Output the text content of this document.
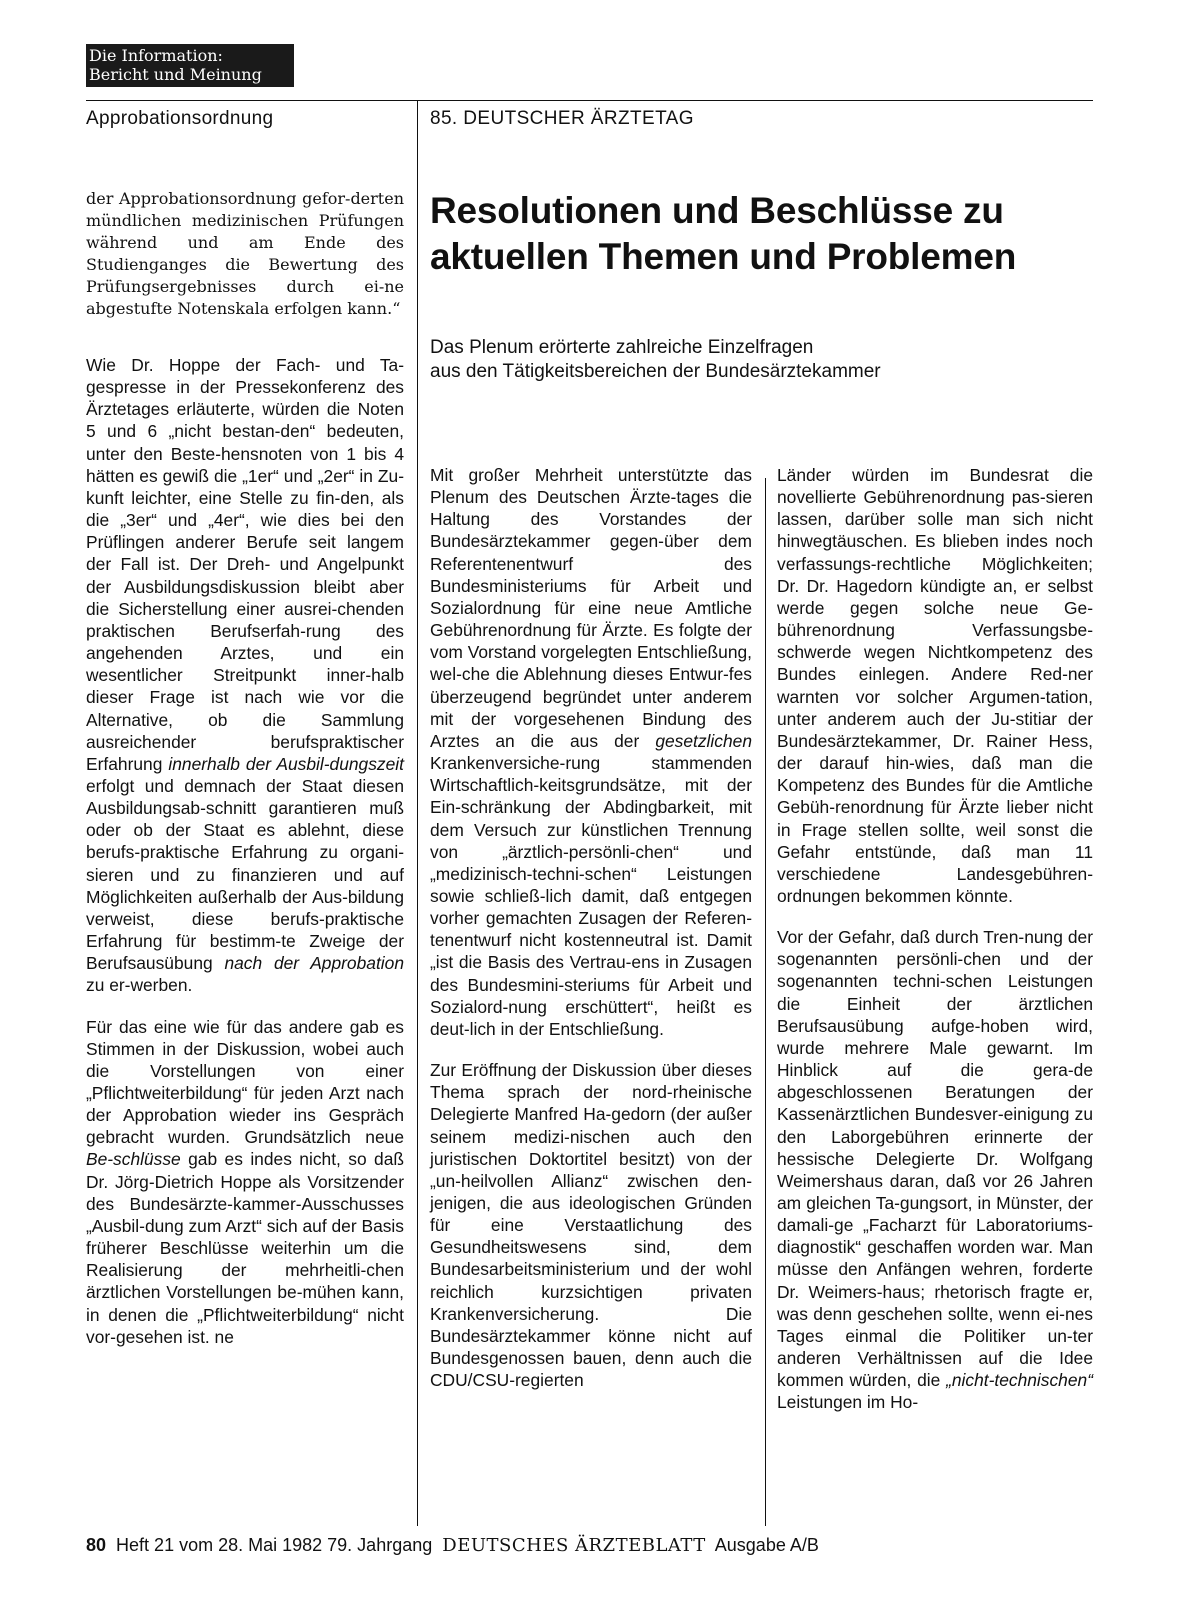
Die Information:
Bericht und Meinung
Approbationsordnung	85. DEUTSCHER ÄRZTETAG
Resolutionen und Beschlüsse zu
aktuellen Themen und Problemen
Das Plenum erörterte zahlreiche Einzelfragen
aus den Tätigkeitsbereichen der Bundesärztekammer

der Approbationsordnung gefor-derten mündlichen medizinischen Prüfungen während und am Ende des Studienganges die Bewertung des Prüfungsergebnisses durch ei-ne abgestufte Notenskala erfolgen kann.“

Wie Dr. Hoppe der Fach- und Ta-gespresse in der Pressekonferenz des Ärztetages erläuterte, würden die Noten 5 und 6 „nicht bestan-den“ bedeuten, unter den Beste-hensnoten von 1 bis 4 hätten es gewiß die „1er“ und „2er“ in Zu-kunft leichter, eine Stelle zu fin-den, als die „3er“ und „4er“, wie dies bei den Prüflingen anderer Berufe seit langem der Fall ist. Der Dreh- und Angelpunkt der Ausbildungsdiskussion bleibt aber die Sicherstellung einer ausrei-chenden praktischen Berufserfah-rung des angehenden Arztes, und ein wesentlicher Streitpunkt inner-halb dieser Frage ist nach wie vor die Alternative, ob die Sammlung ausreichender berufspraktischer Erfahrung innerhalb der Ausbil-dungszeit erfolgt und demnach der Staat diesen Ausbildungsab-schnitt garantieren muß oder ob der Staat es ablehnt, diese berufs-praktische Erfahrung zu organi-sieren und zu finanzieren und auf Möglichkeiten außerhalb der Aus-bildung verweist, diese berufs-praktische Erfahrung für bestimm-te Zweige der Berufsausübung nach der Approbation zu er-werben.

Für das eine wie für das andere gab es Stimmen in der Diskussion, wobei auch die Vorstellungen von einer „Pflichtweiterbildung“ für jeden Arzt nach der Approbation wieder ins Gespräch gebracht wurden. Grundsätzlich neue Be-schlüsse gab es indes nicht, so daß Dr. Jörg-Dietrich Hoppe als Vorsitzender des Bundesärzte-kammer-Ausschusses „Ausbil-dung zum Arzt“ sich auf der Basis früherer Beschlüsse weiterhin um die Realisierung der mehrheitli-chen ärztlichen Vorstellungen be-mühen kann, in denen die „Pflichtweiterbildung“ nicht vor-gesehen ist. ne

Mit großer Mehrheit unterstützte das Plenum des Deutschen Ärzte-tages die Haltung des Vorstandes der Bundesärztekammer gegen-über dem Referentenentwurf des Bundesministeriums für Arbeit und Sozialordnung für eine neue Amtliche Gebührenordnung für Ärzte. Es folgte der vom Vorstand vorgelegten Entschließung, wel-che die Ablehnung dieses Entwur-fes überzeugend begründet unter anderem mit der vorgesehenen Bindung des Arztes an die aus der gesetzlichen Krankenversiche-rung stammenden Wirtschaftlich-keitsgrundsätze, mit der Ein-schränkung der Abdingbarkeit, mit dem Versuch zur künstlichen Trennung von „ärztlich-persönli-chen“ und „medizinisch-techni-schen“ Leistungen sowie schließ-lich damit, daß entgegen vorher gemachten Zusagen der Referen-tenentwurf nicht kostenneutral ist. Damit „ist die Basis des Vertrau-ens in Zusagen des Bundesmini-steriums für Arbeit und Sozialord-nung erschüttert“, heißt es deut-lich in der Entschließung.

Zur Eröffnung der Diskussion über dieses Thema sprach der nord-rheinische Delegierte Manfred Ha-gedorn (der außer seinem medizi-nischen auch den juristischen Doktortitel besitzt) von der „un-heilvollen Allianz“ zwischen den-jenigen, die aus ideologischen Gründen für eine Verstaatlichung des Gesundheitswesens sind, dem Bundesarbeitsministerium und der wohl reichlich kurzsichtigen privaten Krankenversicherung. Die Bundesärztekammer könne nicht auf Bundesgenossen bauen, denn auch die CDU/CSU-regierten

Länder würden im Bundesrat die novellierte Gebührenordnung pas-sieren lassen, darüber solle man sich nicht hinwegtäuschen. Es blieben indes noch verfassungs-rechtliche Möglichkeiten; Dr. Dr. Hagedorn kündigte an, er selbst werde gegen solche neue Ge-bührenordnung Verfassungsbe-schwerde wegen Nichtkompetenz des Bundes einlegen. Andere Red-ner warnten vor solcher Argumen-tation, unter anderem auch der Ju-stitiar der Bundesärztekammer, Dr. Rainer Hess, der darauf hin-wies, daß man die Kompetenz des Bundes für die Amtliche Gebüh-renordnung für Ärzte lieber nicht in Frage stellen sollte, weil sonst die Gefahr entstünde, daß man 11 verschiedene Landesgebühren-ordnungen bekommen könnte.

Vor der Gefahr, daß durch Tren-nung der sogenannten persönli-chen und der sogenannten techni-schen Leistungen die Einheit der ärztlichen Berufsausübung aufge-hoben wird, wurde mehrere Male gewarnt. Im Hinblick auf die gera-de abgeschlossenen Beratungen der Kassenärztlichen Bundesver-einigung zu den Laborgebühren erinnerte der hessische Delegierte Dr. Wolfgang Weimershaus daran, daß vor 26 Jahren am gleichen Ta-gungsort, in Münster, der damali-ge „Facharzt für Laboratoriums-diagnostik“ geschaffen worden war. Man müsse den Anfängen wehren, forderte Dr. Weimers-haus; rhetorisch fragte er, was denn geschehen sollte, wenn ei-nes Tages einmal die Politiker un-ter anderen Verhältnissen auf die Idee kommen würden, die „nicht-technischen“ Leistungen im Ho-

80 Heft 21 vom 28. Mai 1982 79. Jahrgang DEUTSCHES ÄRZTEBLATT Ausgabe A/B
